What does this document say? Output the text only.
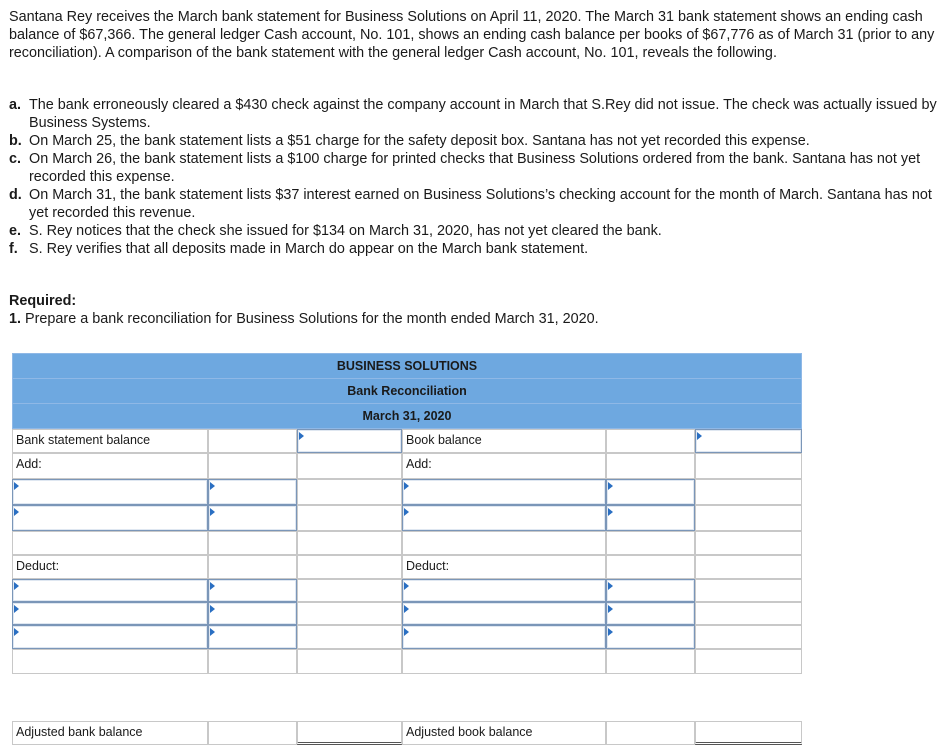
Santana Rey receives the March bank statement for Business Solutions on April 11, 2020. The March 31 bank statement shows an ending cash balance of $67,366. The general ledger Cash account, No. 101, shows an ending cash balance per books of $67,776 as of March 31 (prior to any reconciliation). A comparison of the bank statement with the general ledger Cash account, No. 101, reveals the following.

a. The bank erroneously cleared a $430 check against the company account in March that S.Rey did not issue. The check was actually issued by Business Systems.
b. On March 25, the bank statement lists a $51 charge for the safety deposit box. Santana has not yet recorded this expense.
c. On March 26, the bank statement lists a $100 charge for printed checks that Business Solutions ordered from the bank. Santana has not yet recorded this expense.
d. On March 31, the bank statement lists $37 interest earned on Business Solutions’s checking account for the month of March. Santana has not yet recorded this revenue.
e. S. Rey notices that the check she issued for $134 on March 31, 2020, has not yet cleared the bank.
f. S. Rey verifies that all deposits made in March do appear on the March bank statement.
Required:
1. Prepare a bank reconciliation for Business Solutions for the month ended March 31, 2020.
BUSINESS SOLUTIONS
Bank Reconciliation
March 31, 2020
Bank statement balance	Book balance
Add:	Add:
Deduct:	Deduct:
Adjusted bank balance	Adjusted book balance
